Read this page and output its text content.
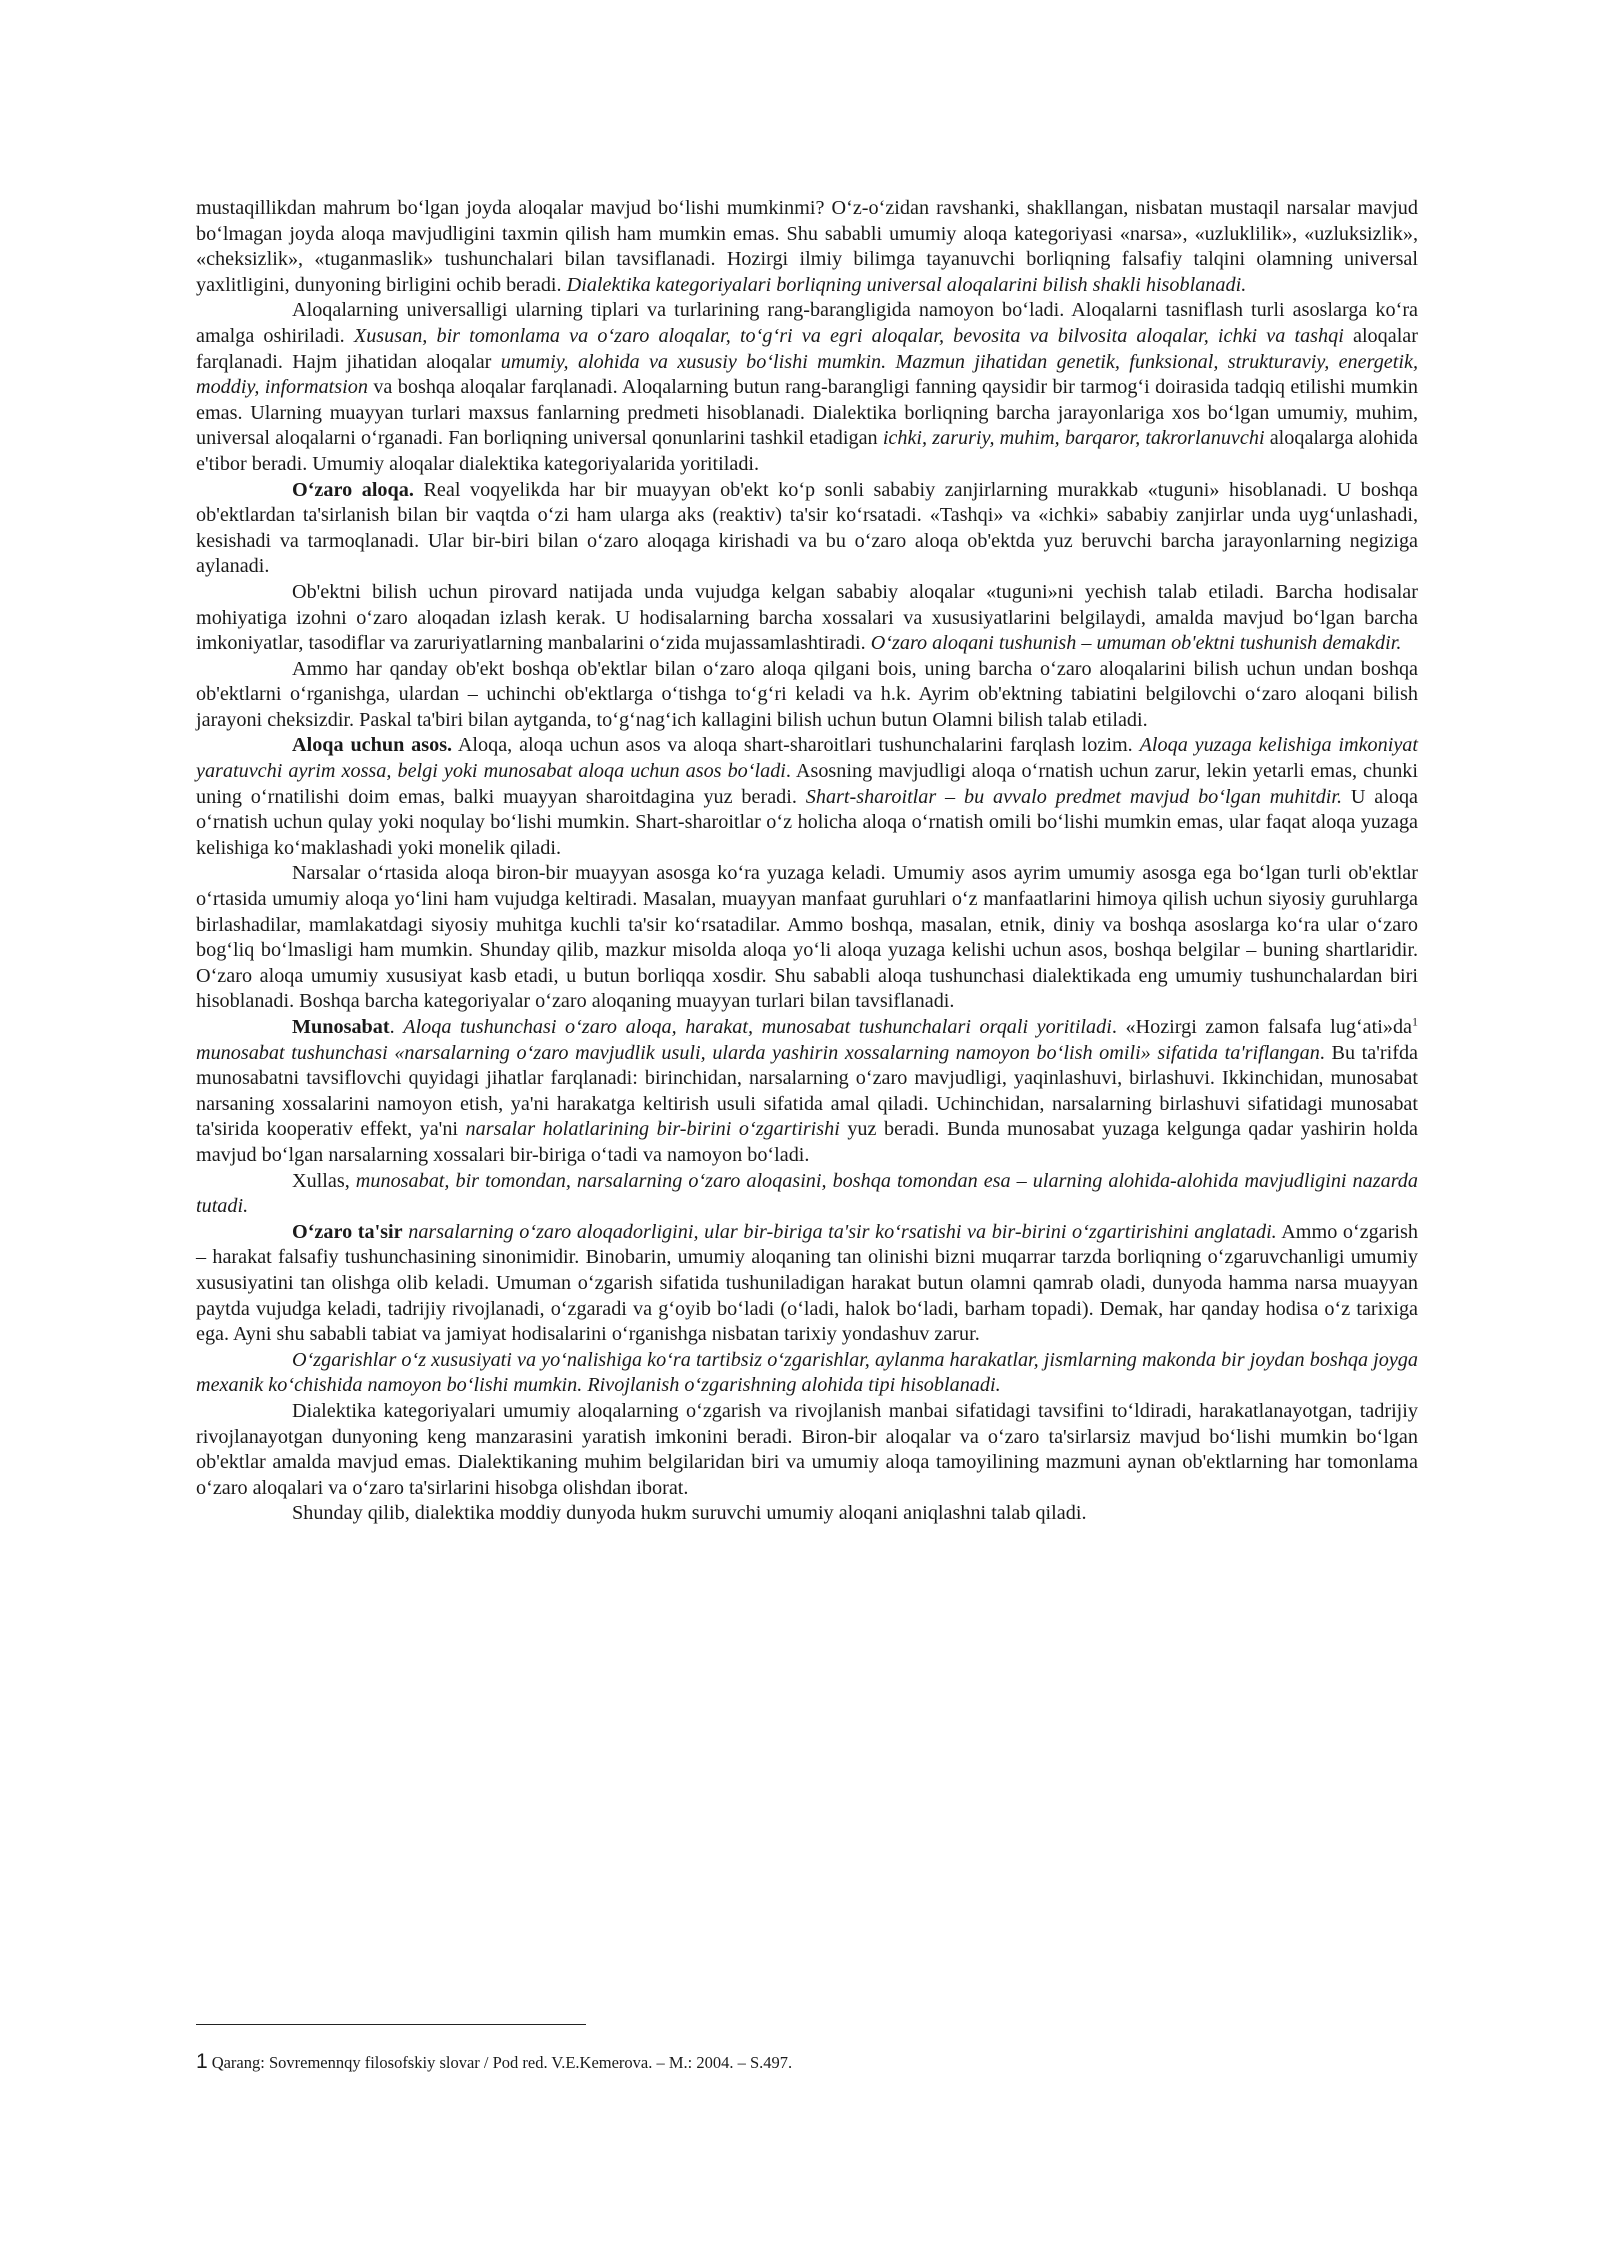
mustaqillikdan mahrum bo‘lgan joyda aloqalar mavjud bo‘lishi mumkinmi? O‘z-o‘zidan ravshanki, shakllangan, nisbatan mustaqil narsalar mavjud bo‘lmagan joyda aloqa mavjudligini taxmin qilish ham mumkin emas. Shu sababli umumiy aloqa kategoriyasi «narsa», «uzluklilik», «uzluksizlik», «cheksizlik», «tuganmaslik» tushunchalari bilan tavsiflanadi. Hozirgi ilmiy bilimga tayanuvchi borliqning falsafiy talqini olamning universal yaxlitligini, dunyoning birligini ochib beradi. Dialektika kategoriyalari borliqning universal aloqalarini bilish shakli hisoblanadi.

Aloqalarning universalligi ularning tiplari va turlarining rang-barangligida namoyon bo‘ladi. Aloqalarni tasniflash turli asoslarga ko‘ra amalga oshiriladi. Xususan, bir tomonlama va o‘zaro aloqalar, to‘g‘ri va egri aloqalar, bevosita va bilvosita aloqalar, ichki va tashqi aloqalar farqlanadi. Hajm jihatidan aloqalar umumiy, alohida va xususiy bo‘lishi mumkin. Mazmun jihatidan genetik, funksional, strukturaviy, energetik, moddiy, informatsion va boshqa aloqalar farqlanadi. Aloqalarning butun rang-barangligi fanning qaysidir bir tarmog‘i doirasida tadqiq etilishi mumkin emas. Ularning muayyan turlari maxsus fanlarning predmeti hisoblanadi. Dialektika borliqning barcha jarayonlariga xos bo‘lgan umumiy, muhim, universal aloqalarni o‘rganadi. Fan borliqning universal qonunlarini tashkil etadigan ichki, zaruriy, muhim, barqaror, takrorlanuvchi aloqalarga alohida e'tibor beradi. Umumiy aloqalar dialektika kategoriyalarida yoritiladi.

O‘zaro aloqa. Real voqyelikda har bir muayyan ob'ekt ko‘p sonli sababiy zanjirlarning murakkab «tuguni» hisoblanadi. U boshqa ob'ektlardan ta'sirlanish bilan bir vaqtda o‘zi ham ularga aks (reaktiv) ta'sir ko‘rsatadi. «Tashqi» va «ichki» sababiy zanjirlar unda uyg‘unlashadi, kesishadi va tarmoqlanadi. Ular bir-biri bilan o‘zaro aloqaga kirishadi va bu o‘zaro aloqa ob'ektda yuz beruvchi barcha jarayonlarning negiziga aylanadi.

Ob'ektni bilish uchun pirovard natijada unda vujudga kelgan sababiy aloqalar «tuguni»ni yechish talab etiladi. Barcha hodisalar mohiyatiga izohni o‘zaro aloqadan izlash kerak. U hodisalarning barcha xossalari va xususiyatlarini belgilaydi, amalda mavjud bo‘lgan barcha imkoniyatlar, tasodiflar va zaruriyatlarning manbalarini o‘zida mujassamlashtiradi. O‘zaro aloqani tushunish – umuman ob'ektni tushunish demakdir.

Ammo har qanday ob'ekt boshqa ob'ektlar bilan o‘zaro aloqa qilgani bois, uning barcha o‘zaro aloqalarini bilish uchun undan boshqa ob'ektlarni o‘rganishga, ulardan – uchinchi ob'ektlarga o‘tishga to‘g‘ri keladi va h.k. Ayrim ob'ektning tabiatini belgilovchi o‘zaro aloqani bilish jarayoni cheksizdir. Paskal ta'biri bilan aytganda, to‘g‘nag‘ich kallagini bilish uchun butun Olamni bilish talab etiladi.

Aloqa uchun asos. Aloqa, aloqa uchun asos va aloqa shart-sharoitlari tushunchalarini farqlash lozim. Aloqa yuzaga kelishiga imkoniyat yaratuvchi ayrim xossa, belgi yoki munosabat aloqa uchun asos bo‘ladi. Asosning mavjudligi aloqa o‘rnatish uchun zarur, lekin yetarli emas, chunki uning o‘rnatilishi doim emas, balki muayyan sharoitdagina yuz beradi. Shart-sharoitlar – bu avvalo predmet mavjud bo‘lgan muhitdir. U aloqa o‘rnatish uchun qulay yoki noqulay bo‘lishi mumkin. Shart-sharoitlar o‘z holicha aloqa o‘rnatish omili bo‘lishi mumkin emas, ular faqat aloqa yuzaga kelishiga ko‘maklashadi yoki monelik qiladi.

Narsalar o‘rtasida aloqa biron-bir muayyan asosga ko‘ra yuzaga keladi. Umumiy asos ayrim umumiy asosga ega bo‘lgan turli ob'ektlar o‘rtasida umumiy aloqa yo‘lini ham vujudga keltiradi. Masalan, muayyan manfaat guruhlari o‘z manfaatlarini himoya qilish uchun siyosiy guruhlarga birlashadilar, mamlakatdagi siyosiy muhitga kuchli ta'sir ko‘rsatadilar. Ammo boshqa, masalan, etnik, diniy va boshqa asoslarga ko‘ra ular o‘zaro bog‘liq bo‘lmasligi ham mumkin. Shunday qilib, mazkur misolda aloqa yo‘li aloqa yuzaga kelishi uchun asos, boshqa belgilar – buning shartlaridir. O‘zaro aloqa umumiy xususiyat kasb etadi, u butun borliqqa xosdir. Shu sababli aloqa tushunchasi dialektikada eng umumiy tushunchalardan biri hisoblanadi. Boshqa barcha kategoriyalar o‘zaro aloqaning muayyan turlari bilan tavsiflanadi.

Munosabat. Aloqa tushunchasi o‘zaro aloqa, harakat, munosabat tushunchalari orqali yoritiladi. «Hozirgi zamon falsafa $lug‘ati»da^1$ munosabat tushunchasi «narsalarning o‘zaro mavjudlik usuli, ularda yashirin xossalarning namoyon bo‘lish omili» sifatida ta'riflangan. Bu ta'rifda munosabatni tavsiflovchi quyidagi jihatlar farqlanadi: birinchidan, narsalarning o‘zaro mavjudligi, yaqinlashuvi, birlashuvi. Ikkinchidan, munosabat narsaning xossalarini namoyon etish, ya'ni harakatga keltirish usuli sifatida amal qiladi. Uchinchidan, narsalarning birlashuvi sifatidagi munosabat ta'sirida kooperativ effekt, ya'ni narsalar holatlarining bir-birini o‘zgartirishi yuz beradi. Bunda munosabat yuzaga kelgunga qadar yashirin holda mavjud bo‘lgan narsalarning xossalari bir-biriga o‘tadi va namoyon bo‘ladi.

Xullas, munosabat, bir tomondan, narsalarning o‘zaro aloqasini, boshqa tomondan esa – ularning alohida-alohida mavjudligini nazarda tutadi.

O‘zaro ta'sir narsalarning o‘zaro aloqadorligini, ular bir-biriga ta'sir ko‘rsatishi va bir-birini o‘zgartirishini anglatadi. Ammo o‘zgarish – harakat falsafiy tushunchasining sinonimidir. Binobarin, umumiy aloqaning tan olinishi bizni muqarrar tarzda borliqning o‘zgaruvchanligi umumiy xususiyatini tan olishga olib keladi. Umuman o‘zgarish sifatida tushuniladigan harakat butun olamni qamrab oladi, dunyoda hamma narsa muayyan paytda vujudga keladi, tadrijiy rivojlanadi, o‘zgaradi va g‘oyib bo‘ladi (o‘ladi, halok bo‘ladi, barham topadi). Demak, har qanday hodisa o‘z tarixiga ega. Ayni shu sababli tabiat va jamiyat hodisalarini o‘rganishga nisbatan tarixiy yondashuv zarur.

O‘zgarishlar o‘z xususiyati va yo‘nalishiga ko‘ra tartibsiz o‘zgarishlar, aylanma harakatlar, jismlarning makonda bir joydan boshqa joyga mexanik ko‘chishida namoyon bo‘lishi mumkin. Rivojlanish o‘zgarishning alohida tipi hisoblanadi.

Dialektika kategoriyalari umumiy aloqalarning o‘zgarish va rivojlanish manbai sifatidagi tavsifini to‘ldiradi, harakatlanayotgan, tadrijiy rivojlanayotgan dunyoning keng manzarasini yaratish imkonini beradi. Biron-bir aloqalar va o‘zaro ta'sirlarsiz mavjud bo‘lishi mumkin bo‘lgan ob'ektlar amalda mavjud emas. Dialektikaning muhim belgilaridan biri va umumiy aloqa tamoyilining mazmuni aynan ob'ektlarning har tomonlama o‘zaro aloqalari va o‘zaro ta'sirlarini hisobga olishdan iborat.

Shunday qilib, dialektika moddiy dunyoda hukm suruvchi umumiy aloqani aniqlashni talab qiladi.

1 Qarang: Sovremennqy filosofskiy slovar / Pod red. V.E.Kemerova. – M.: 2004. – S.497.
